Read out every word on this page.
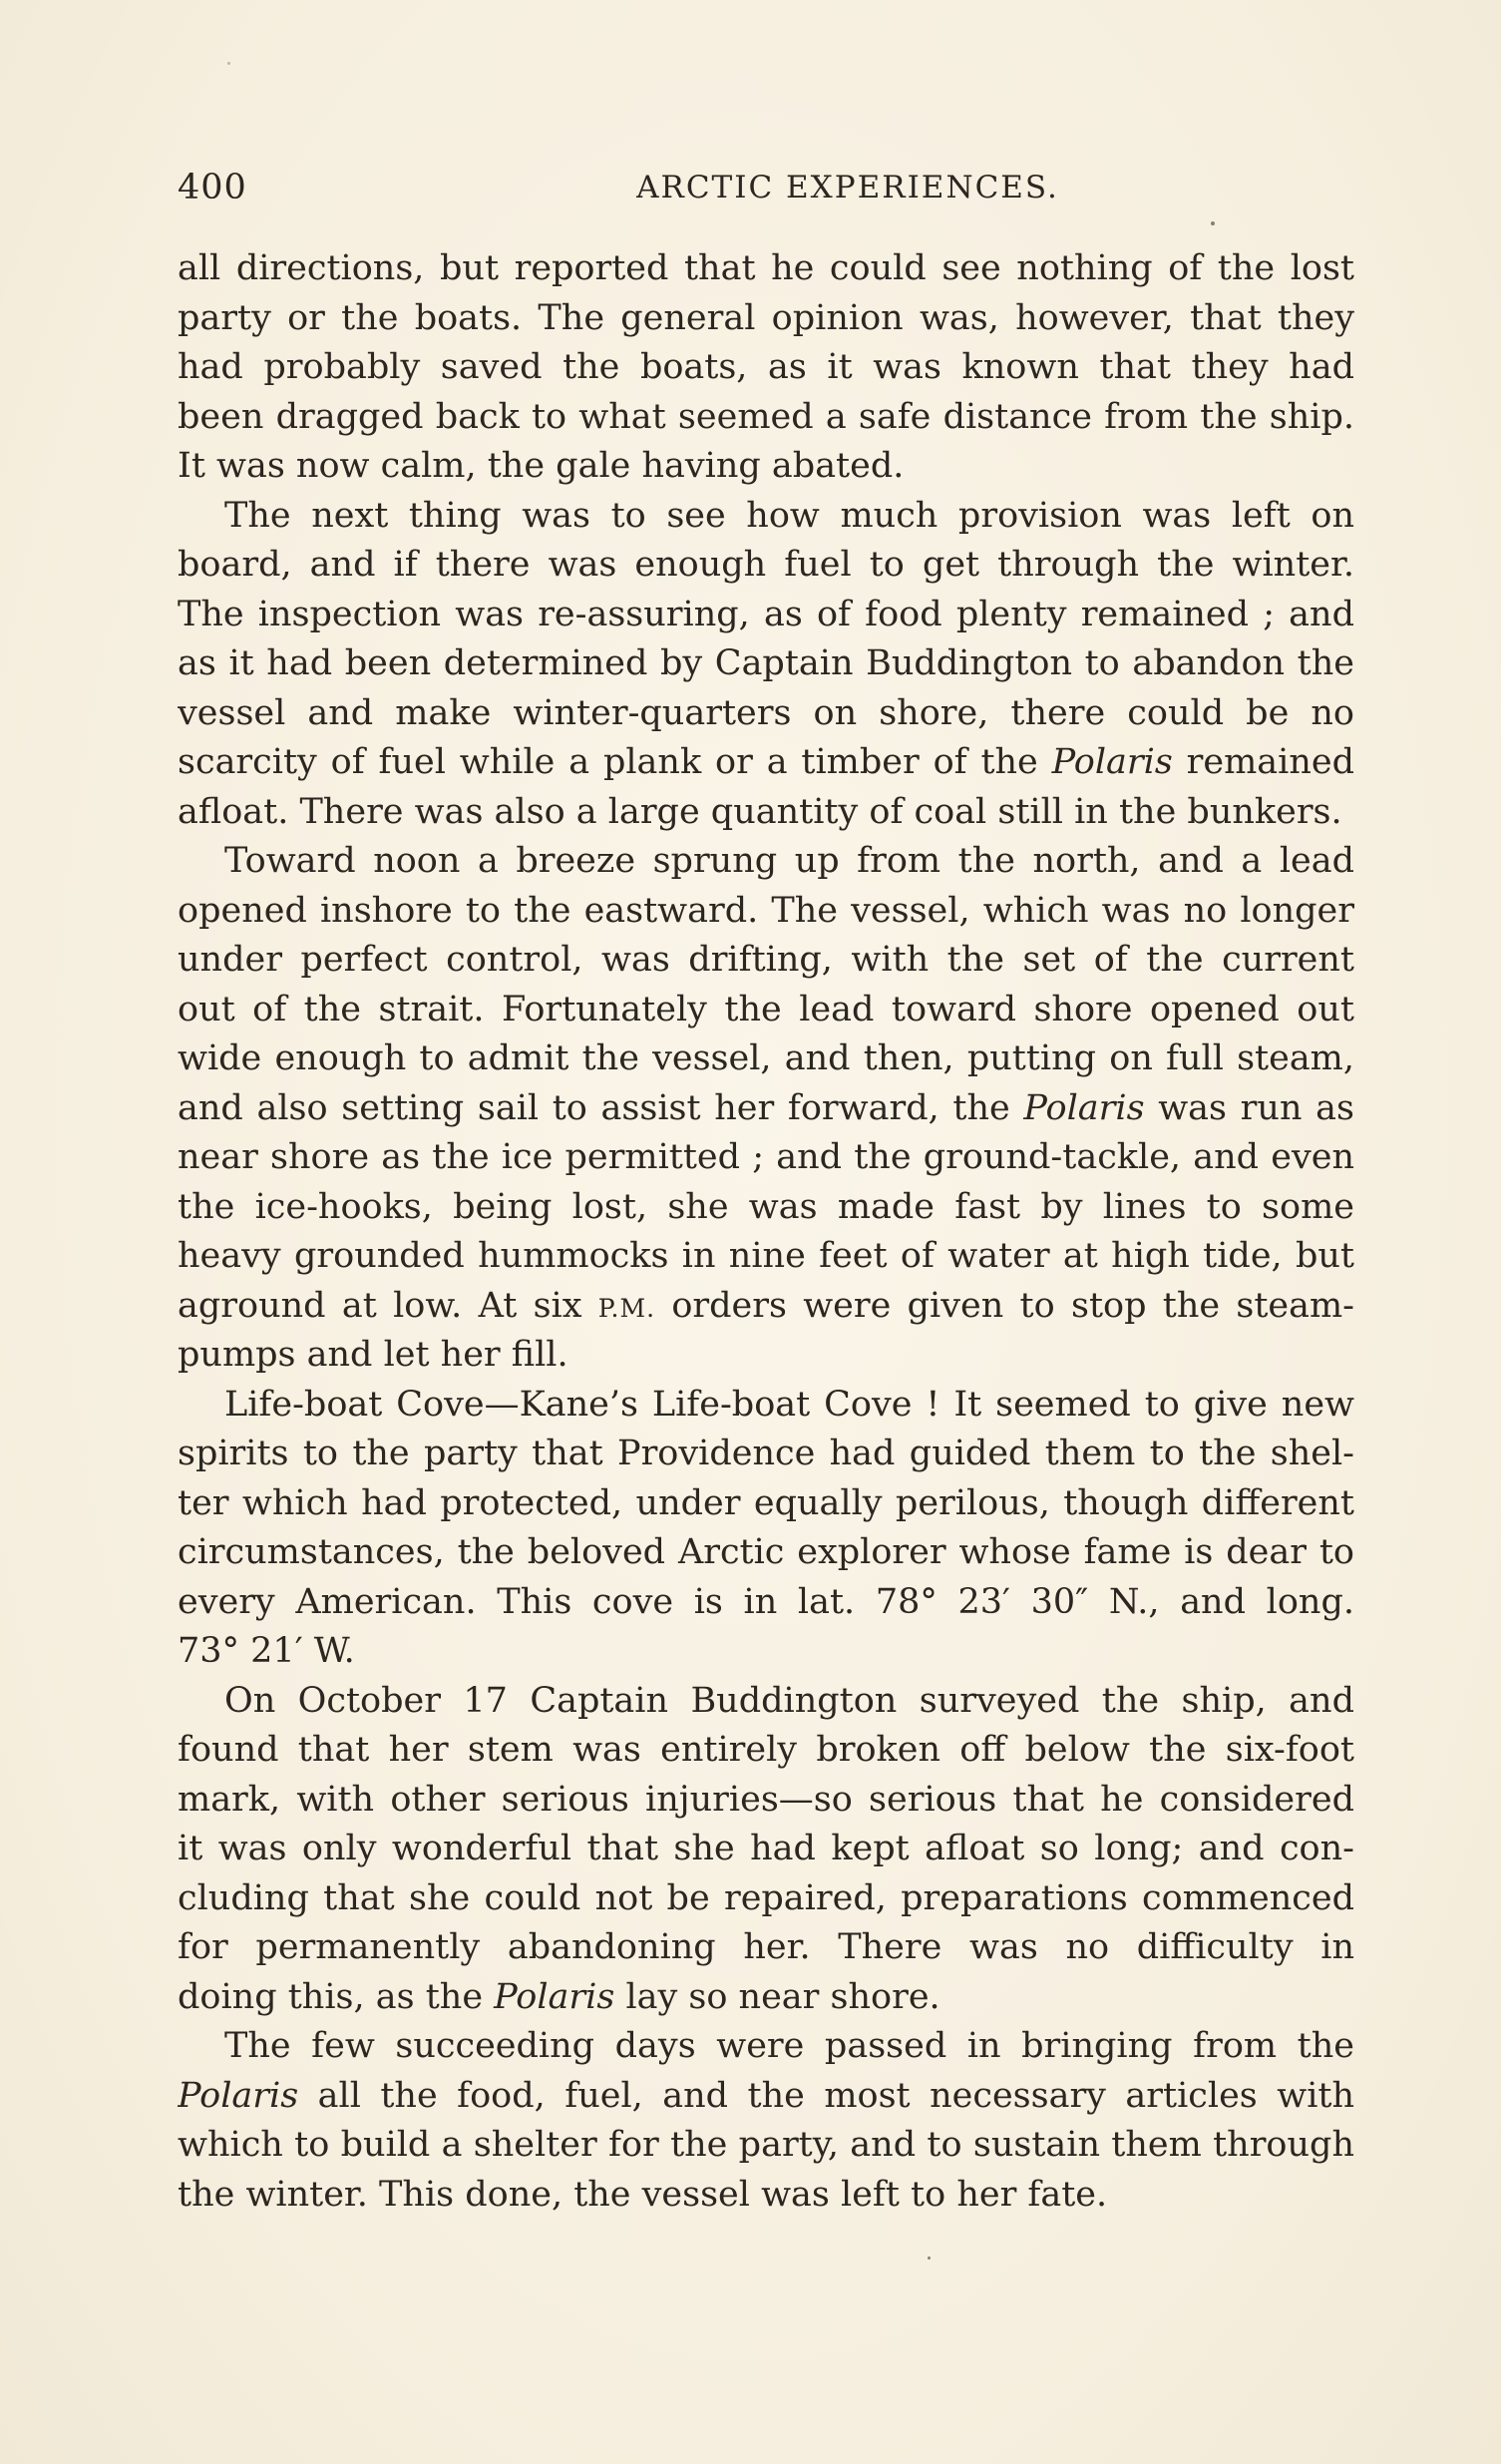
400	ARCTIC EXPERIENCES.
all directions, but reported that he could see nothing of the lost
party or the boats. The general opinion was, however, that they
had probably saved the boats, as it was known that they had
been dragged back to what seemed a safe distance from the ship.
It was now calm, the gale having abated.
The next thing was to see how much provision was left on
board, and if there was enough fuel to get through the winter.
The inspection was re-assuring, as of food plenty remained ; and
as it had been determined by Captain Buddington to abandon the
vessel and make winter-quarters on shore, there could be no
scarcity of fuel while a plank or a timber of the Polaris remained
afloat. There was also a large quantity of coal still in the bunkers.
Toward noon a breeze sprung up from the north, and a lead
opened inshore to the eastward. The vessel, which was no longer
under perfect control, was drifting, with the set of the current
out of the strait. Fortunately the lead toward shore opened out
wide enough to admit the vessel, and then, putting on full steam,
and also setting sail to assist her forward, the Polaris was run as
near shore as the ice permitted ; and the ground-tackle, and even
the ice-hooks, being lost, she was made fast by lines to some
heavy grounded hummocks in nine feet of water at high tide, but
aground at low. At six P.M. orders were given to stop the steam-
pumps and let her fill.
Life-boat Cove—Kane’s Life-boat Cove ! It seemed to give new
spirits to the party that Providence had guided them to the shel-
ter which had protected, under equally perilous, though different
circumstances, the beloved Arctic explorer whose fame is dear to
every American. This cove is in lat. 78° 23′ 30″ N., and long.
73° 21′ W.
On October 17 Captain Buddington surveyed the ship, and
found that her stem was entirely broken off below the six-foot
mark, with other serious injuries—so serious that he considered
it was only wonderful that she had kept afloat so long; and con-
cluding that she could not be repaired, preparations commenced
for permanently abandoning her. There was no difficulty in
doing this, as the Polaris lay so near shore.
The few succeeding days were passed in bringing from the
Polaris all the food, fuel, and the most necessary articles with
which to build a shelter for the party, and to sustain them through
the winter. This done, the vessel was left to her fate.
